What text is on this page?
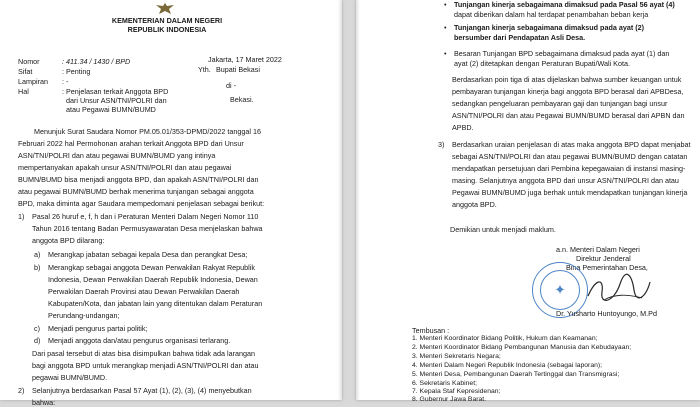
KEMENTERIAN DALAM NEGERI
REPUBLIK INDONESIA
Nomor	: 411.34 / 1430 / BPD
Sifat	: Penting
Lampiran : -
Hal	: Penjelasan terkait Anggota BPD
dari Unsur ASN/TNI/POLRI dan
atau Pegawai BUMN/BUMD
Jakarta, 17 Maret 2022
Yth. Bupati Bekasi
di -
Bekasi.
Menunjuk Surat Saudara Nomor PM.05.01/353-DPMD/2022 tanggal 16
Februari 2022 hal Permohonan arahan terkait Anggota BPD dari Unsur
ASN/TNI/POLRI dan atau pegawai BUMN/BUMD yang intinya
mempertanyakan apakah unsur ASN/TNI/POLRI dan atau pegawai
BUMN/BUMD bisa menjadi anggota BPD, dan apakah ASN/TNI/POLRI dan
atau pegawai BUMN/BUMD berhak menerima tunjangan sebagai anggota
BPD, maka diminta agar Saudara mempedomani penjelasan sebagai berikut:
1) Pasal 26 huruf e, f, h dan i Peraturan Menteri Dalam Negeri Nomor 110
Tahun 2016 tentang Badan Permusyawaratan Desa menjelaskan bahwa
anggota BPD dilarang:
a) Merangkap jabatan sebagai kepala Desa dan perangkat Desa;
b) Merangkap sebagai anggota Dewan Perwakilan Rakyat Republik
Indonesia, Dewan Perwakilan Daerah Republik Indonesia, Dewan
Perwakilan Daerah Provinsi atau Dewan Perwakilan Daerah
Kabupaten/Kota, dan jabatan lain yang ditentukan dalam Peraturan
Perundang-undangan;
c) Menjadi pengurus partai politik;
d) Menjadi anggota dan/atau pengurus organisasi terlarang.
Dari pasal tersebut di atas bisa disimpulkan bahwa tidak ada larangan
bagi anggota BPD untuk merangkap menjadi ASN/TNI/POLRI dan atau
pegawai BUMN/BUMD.
2) Selanjutnya berdasarkan Pasal 57 Ayat (1), (2), (3), (4) menyebutkan
bahwa:
• Tunjangan kinerja sebagaimana dimaksud pada Pasal 56 ayat (4)
dapat diberikan dalam hal terdapat penambahan beban kerja
• Tunjangan kinerja sebagaimana dimaksud pada ayat (2)
bersumber dari Pendapatan Asli Desa.
• Besaran Tunjangan BPD sebagaimana dimaksud pada ayat (1) dan
ayat (2) ditetapkan dengan Peraturan Bupati/Wali Kota.
Berdasarkan poin tiga di atas dijelaskan bahwa sumber keuangan untuk
pembayaran tunjangan kinerja bagi anggota BPD berasal dari APBDesa,
sedangkan pengeluaran pembayaran gaji dan tunjangan bagi unsur
ASN/TNI/POLRI dan atau Pegawai BUMN/BUMD berasal dari APBN dan
APBD.
3) Berdasarkan uraian penjelasan di atas maka anggota BPD dapat menjabat
sebagai ASN/TNI/POLRI dan atau pegawai BUMN/BUMD dengan catatan
mendapatkan persetujuan dari Pembina kepegawaian di instansi masing-
masing. Selanjutnya anggota BPD dari unsur ASN/TNI/POLRI dan atau
Pegawai BUMN/BUMD juga berhak untuk mendapatkan tunjangan kinerja
anggota BPD.
Demikian untuk menjadi maklum.
a.n. Menteri Dalam Negeri
Direktur Jenderal
Bina Pemerintahan Desa,
✦
Dr. Yusharto Huntoyungo, M.Pd
Tembusan :
1. Menteri Koordinator Bidang Politik, Hukum dan Keamanan;
2. Menteri Koordinator Bidang Pembangunan Manusia dan Kebudayaan;
3. Menteri Sekretaris Negara;
4. Menteri Dalam Negeri Republik Indonesia (sebagai laporan);
5. Menteri Desa, Pembangunan Daerah Tertinggal dan Transmigrasi;
6. Sekretaris Kabinet;
7. Kepala Staf Kepresidenan;
8. Gubernur Jawa Barat.
